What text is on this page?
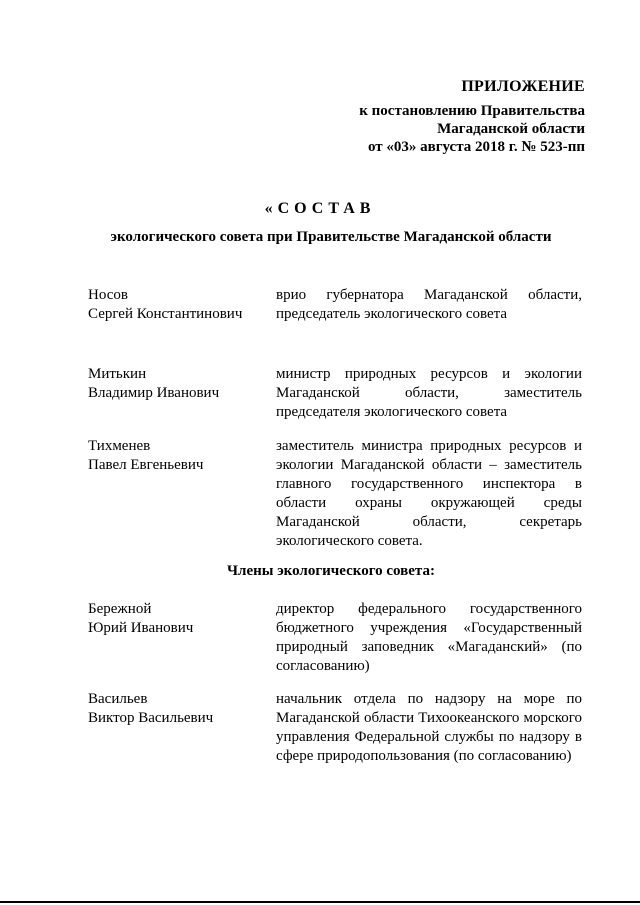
ПРИЛОЖЕНИЕ
к постановлению Правительства
Магаданской области
от «03» августа 2018 г. № 523-пп
«СОСТАВ
экологического совета при Правительстве Магаданской области
Носов
Сергей Константинович
врио губернатора Магаданской области, председатель экологического совета
Митькин
Владимир Иванович
министр природных ресурсов и экологии Магаданской области, заместитель председателя экологического совета
Тихменев
Павел Евгеньевич
заместитель министра природных ресурсов и экологии Магаданской области – заместитель главного государственного инспектора в области охраны окружающей среды Магаданской области, секретарь экологического совета.
Члены экологического совета:
Бережной
Юрий Иванович
директор федерального государственного бюджетного учреждения «Государственный природный заповедник «Магаданский» (по согласованию)
Васильев
Виктор Васильевич
начальник отдела по надзору на море по Магаданской области Тихоокеанского морского управления Федеральной службы по надзору в сфере природопользования (по согласованию)
